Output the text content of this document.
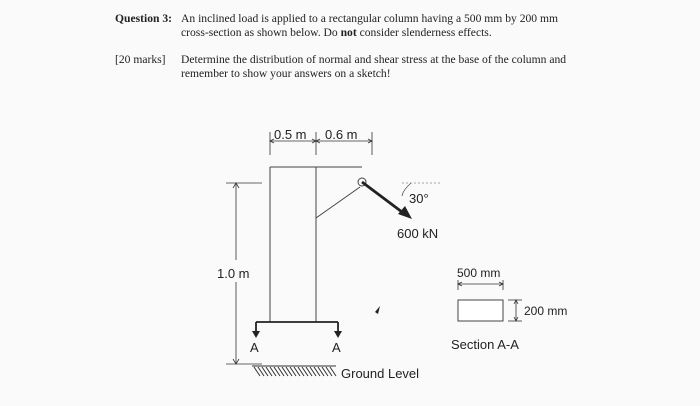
Question 3: An inclined load is applied to a rectangular column having a 500 mm by 200 mm
cross-section as shown below. Do not consider slenderness effects.
[20 marks]	Determine the distribution of normal and shear stress at the base of the column and
remember to show your answers on a sketch!
0.5 m 0.6 m
30°
600 kN
1.0 m
A	A
Ground Level
500 mm
200 mm
Section A-A
